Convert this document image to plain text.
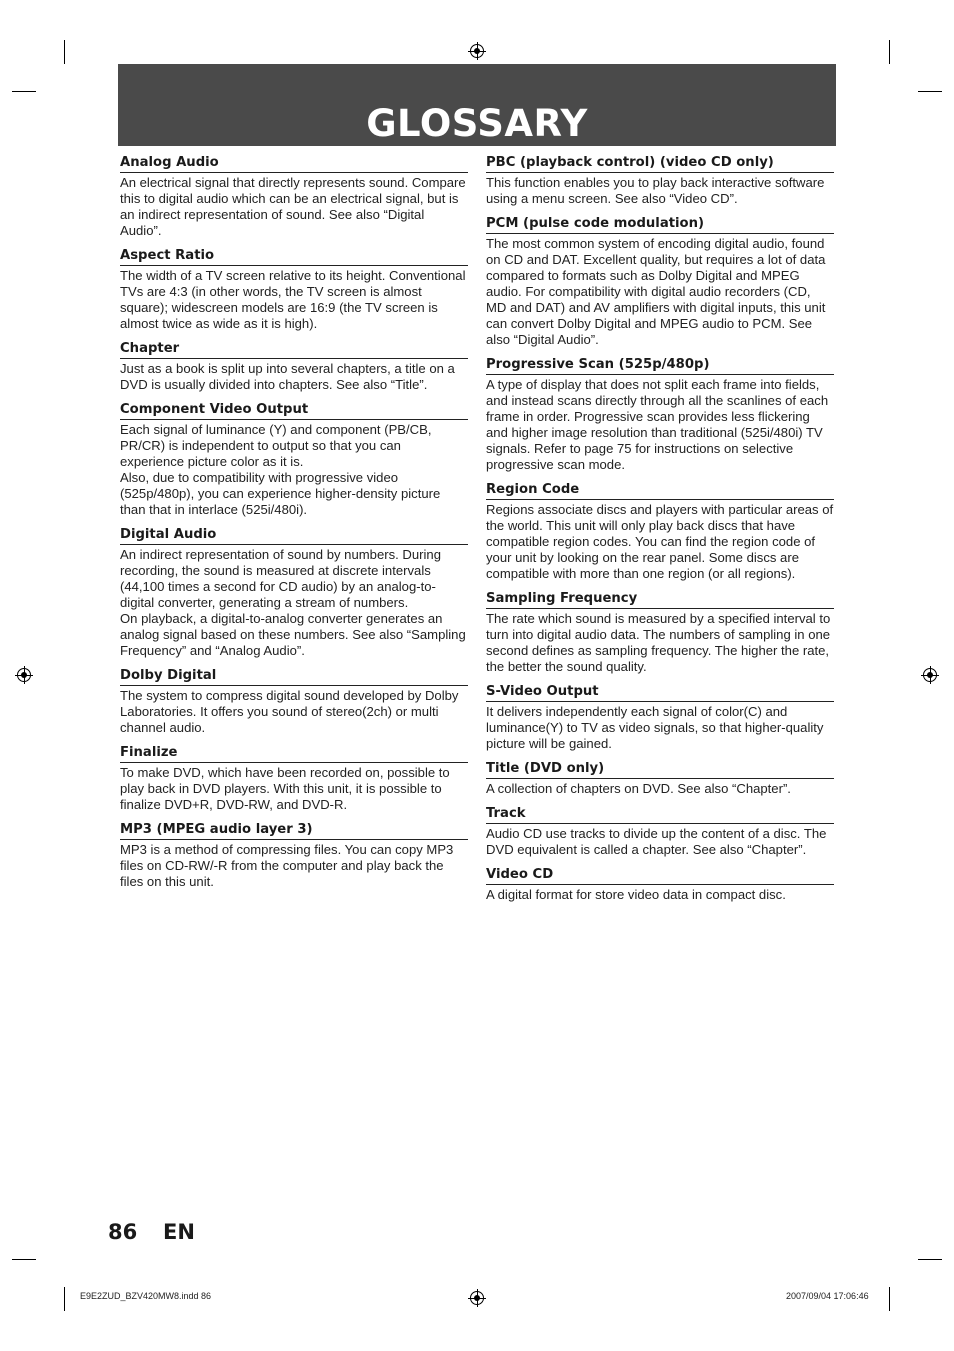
GLOSSARY
Analog Audio

An electrical signal that directly represents sound. Compare this to digital audio which can be an electrical signal, but is an indirect representation of sound. See also “Digital Audio”.

Aspect Ratio

The width of a TV screen relative to its height. Conventional TVs are 4:3 (in other words, the TV screen is almost square); widescreen models are 16:9 (the TV screen is almost twice as wide as it is high).

Chapter

Just as a book is split up into several chapters, a title on a DVD is usually divided into chapters. See also “Title”.

Component Video Output

Each signal of luminance (Y) and component (PB/CB, PR/CR) is independent to output so that you can experience picture color as it is.

Also, due to compatibility with progressive video (525p/480p), you can experience higher-density picture than that in interlace (525i/480i).

Digital Audio

An indirect representation of sound by numbers. During recording, the sound is measured at discrete intervals (44,100 times a second for CD audio) by an analog-to-digital converter, generating a stream of numbers.

On playback, a digital-to-analog converter generates an analog signal based on these numbers. See also “Sampling Frequency” and “Analog Audio”.

Dolby Digital

The system to compress digital sound developed by Dolby Laboratories. It offers you sound of stereo(2ch) or multi channel audio.

Finalize

To make DVD, which have been recorded on, possible to play back in DVD players. With this unit, it is possible to finalize DVD+R, DVD-RW, and DVD-R.

MP3 (MPEG audio layer 3)

MP3 is a method of compressing files. You can copy MP3 files on CD-RW/-R from the computer and play back the files on this unit.

PBC (playback control) (video CD only)

This function enables you to play back interactive software using a menu screen. See also “Video CD”.

PCM (pulse code modulation)

The most common system of encoding digital audio, found on CD and DAT. Excellent quality, but requires a lot of data compared to formats such as Dolby Digital and MPEG audio. For compatibility with digital audio recorders (CD, MD and DAT) and AV amplifiers with digital inputs, this unit can convert Dolby Digital and MPEG audio to PCM. See also “Digital Audio”.

Progressive Scan (525p/480p)

A type of display that does not split each frame into fields, and instead scans directly through all the scanlines of each frame in order. Progressive scan provides less flickering and higher image resolution than traditional (525i/480i) TV signals. Refer to page 75 for instructions on selective progressive scan mode.

Region Code

Regions associate discs and players with particular areas of the world. This unit will only play back discs that have compatible region codes. You can find the region code of your unit by looking on the rear panel. Some discs are compatible with more than one region (or all regions).

Sampling Frequency

The rate which sound is measured by a specified interval to turn into digital audio data. The numbers of sampling in one second defines as sampling frequency. The higher the rate, the better the sound quality.

S-Video Output

It delivers independently each signal of color(C) and luminance(Y) to TV as video signals, so that higher-quality picture will be gained.

Title (DVD only)

A collection of chapters on DVD. See also “Chapter”.

Track

Audio CD use tracks to divide up the content of a disc. The DVD equivalent is called a chapter. See also “Chapter”.

Video CD

A digital format for store video data in compact disc.

86 EN
E9E2ZUD_BZV420MW8.indd 86	2007/09/04 17:06:46
